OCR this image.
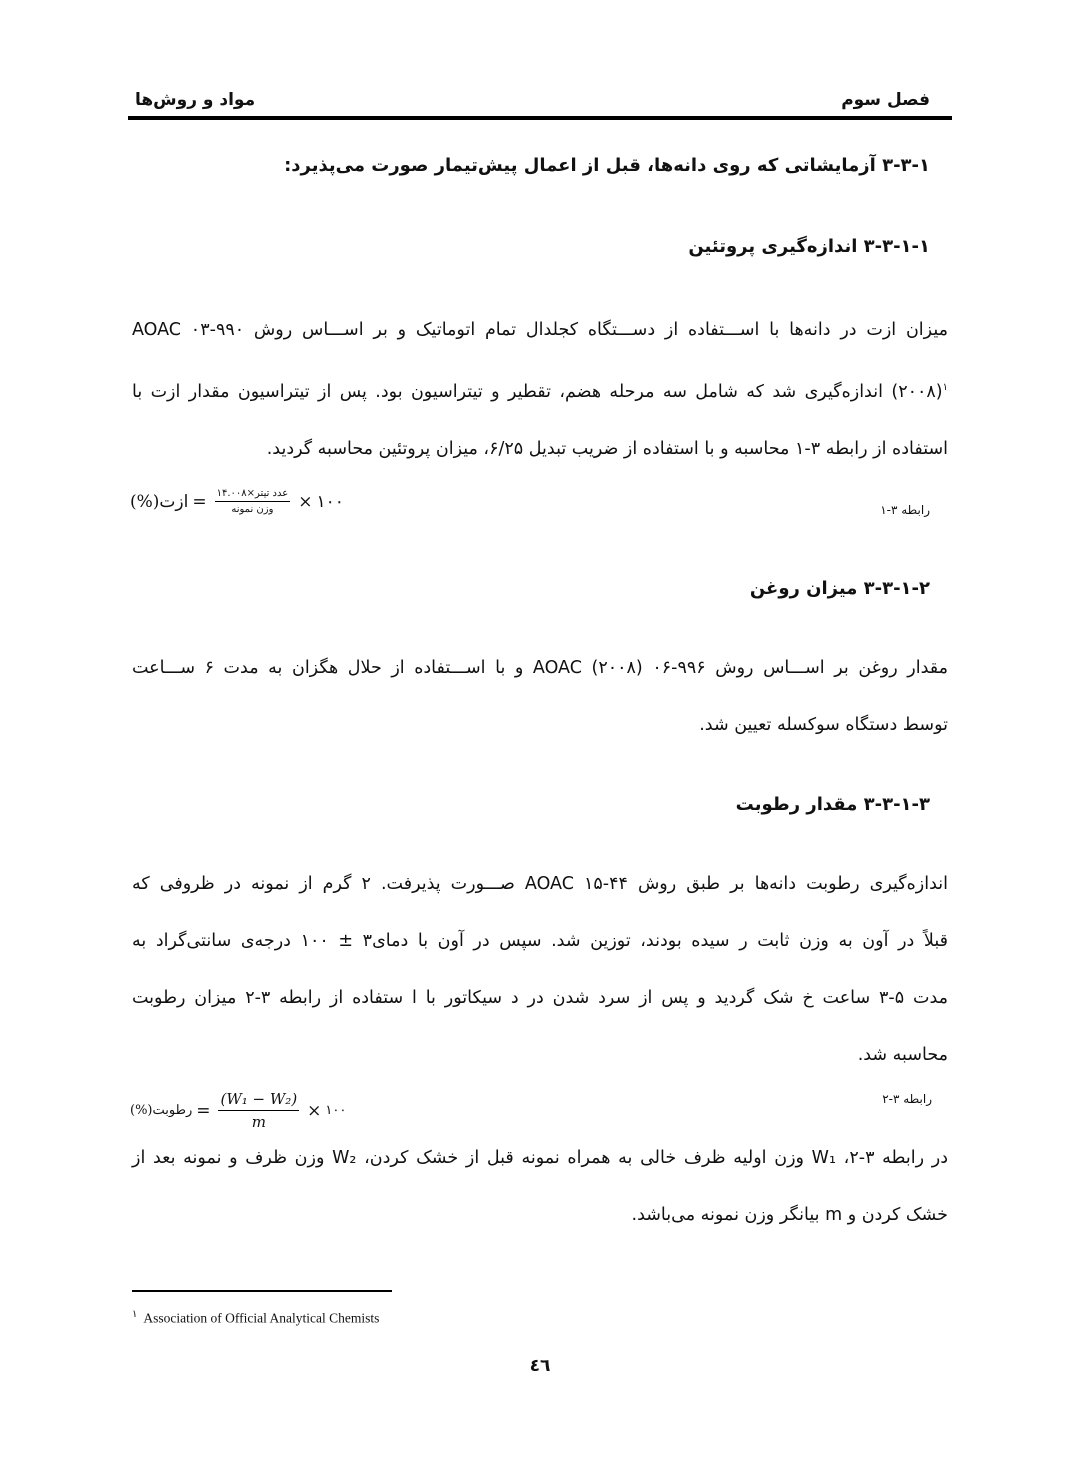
فصل سوم
مواد و روش‌ها
۳-۳-۱ آزمایشاتی که روی دانه‌ها، قبل از اعمال پیش‌تیمار صورت می‌پذیرد:
۳-۳-۱-۱ اندازه‌گیری پروتئین
میزان ازت در دانه‌ها با اســـتفاده از دســـتگاه کجلدال تمام اتوماتیک و بر اســـاس روش ۹۹۰-۰۳ AOAC
$^۱$(۲۰۰۸) اندازه‌گیری شد که شامل سه مرحله هضم، تقطیر و تیتراسیون بود. پس از تیتراسیون مقدار ازت با
استفاده از رابطه ۳-۱ محاسبه و با استفاده از ضریب تبدیل ۶/۲۵، میزان پروتئین محاسبه گردید.
ازت(%) = $\frac{\text{عدد تیتر×۱۴.۰۰۸}}{\text{وزن نمونه}}$ × ۱۰۰	رابطه ۳-۱
۳-۳-۱-۲ میزان روغن
مقدار روغن بر اســـاس روش ۹۹۶-۰۶ AOAC (۲۰۰۸) و با اســـتفاده از حلال هگزان به مدت ۶ ســـاعت
توسط دستگاه سوکسله تعیین شد.
۳-۳-۱-۳ مقدار رطوبت
اندازه‌گیری رطوبت دانه‌ها بر طبق روش ۴۴-۱۵ AOAC صـــورت پذیرفت. ۲ گرم از نمونه در ظروفی که
قبلاً در آون به وزن ثابت ر سیده بودند، توزین شد. سپس در آون با دمای۳ ± ۱۰۰ درجه‌ی سانتی‌گراد به
مدت ۵-۳ ساعت خ شک گردید و پس از سرد شدن در د سیکاتور با ا ستفاده از رابطه ۳-۲ میزان رطوبت
محاسبه شد.
رطوبت(%) = $\frac{\text{(W₁ − W₂)}}{m}$ × ۱۰۰
رابطه ۳-۲
در رابطه ۳-۲، W₁ وزن اولیه ظرف خالی به همراه نمونه قبل از خشک کردن، W₂ وزن ظرف و نمونه بعد از
خشک کردن و m بیانگر وزن نمونه می‌باشد.
$^۱$ Association of Official Analytical Chemists
٤٦
